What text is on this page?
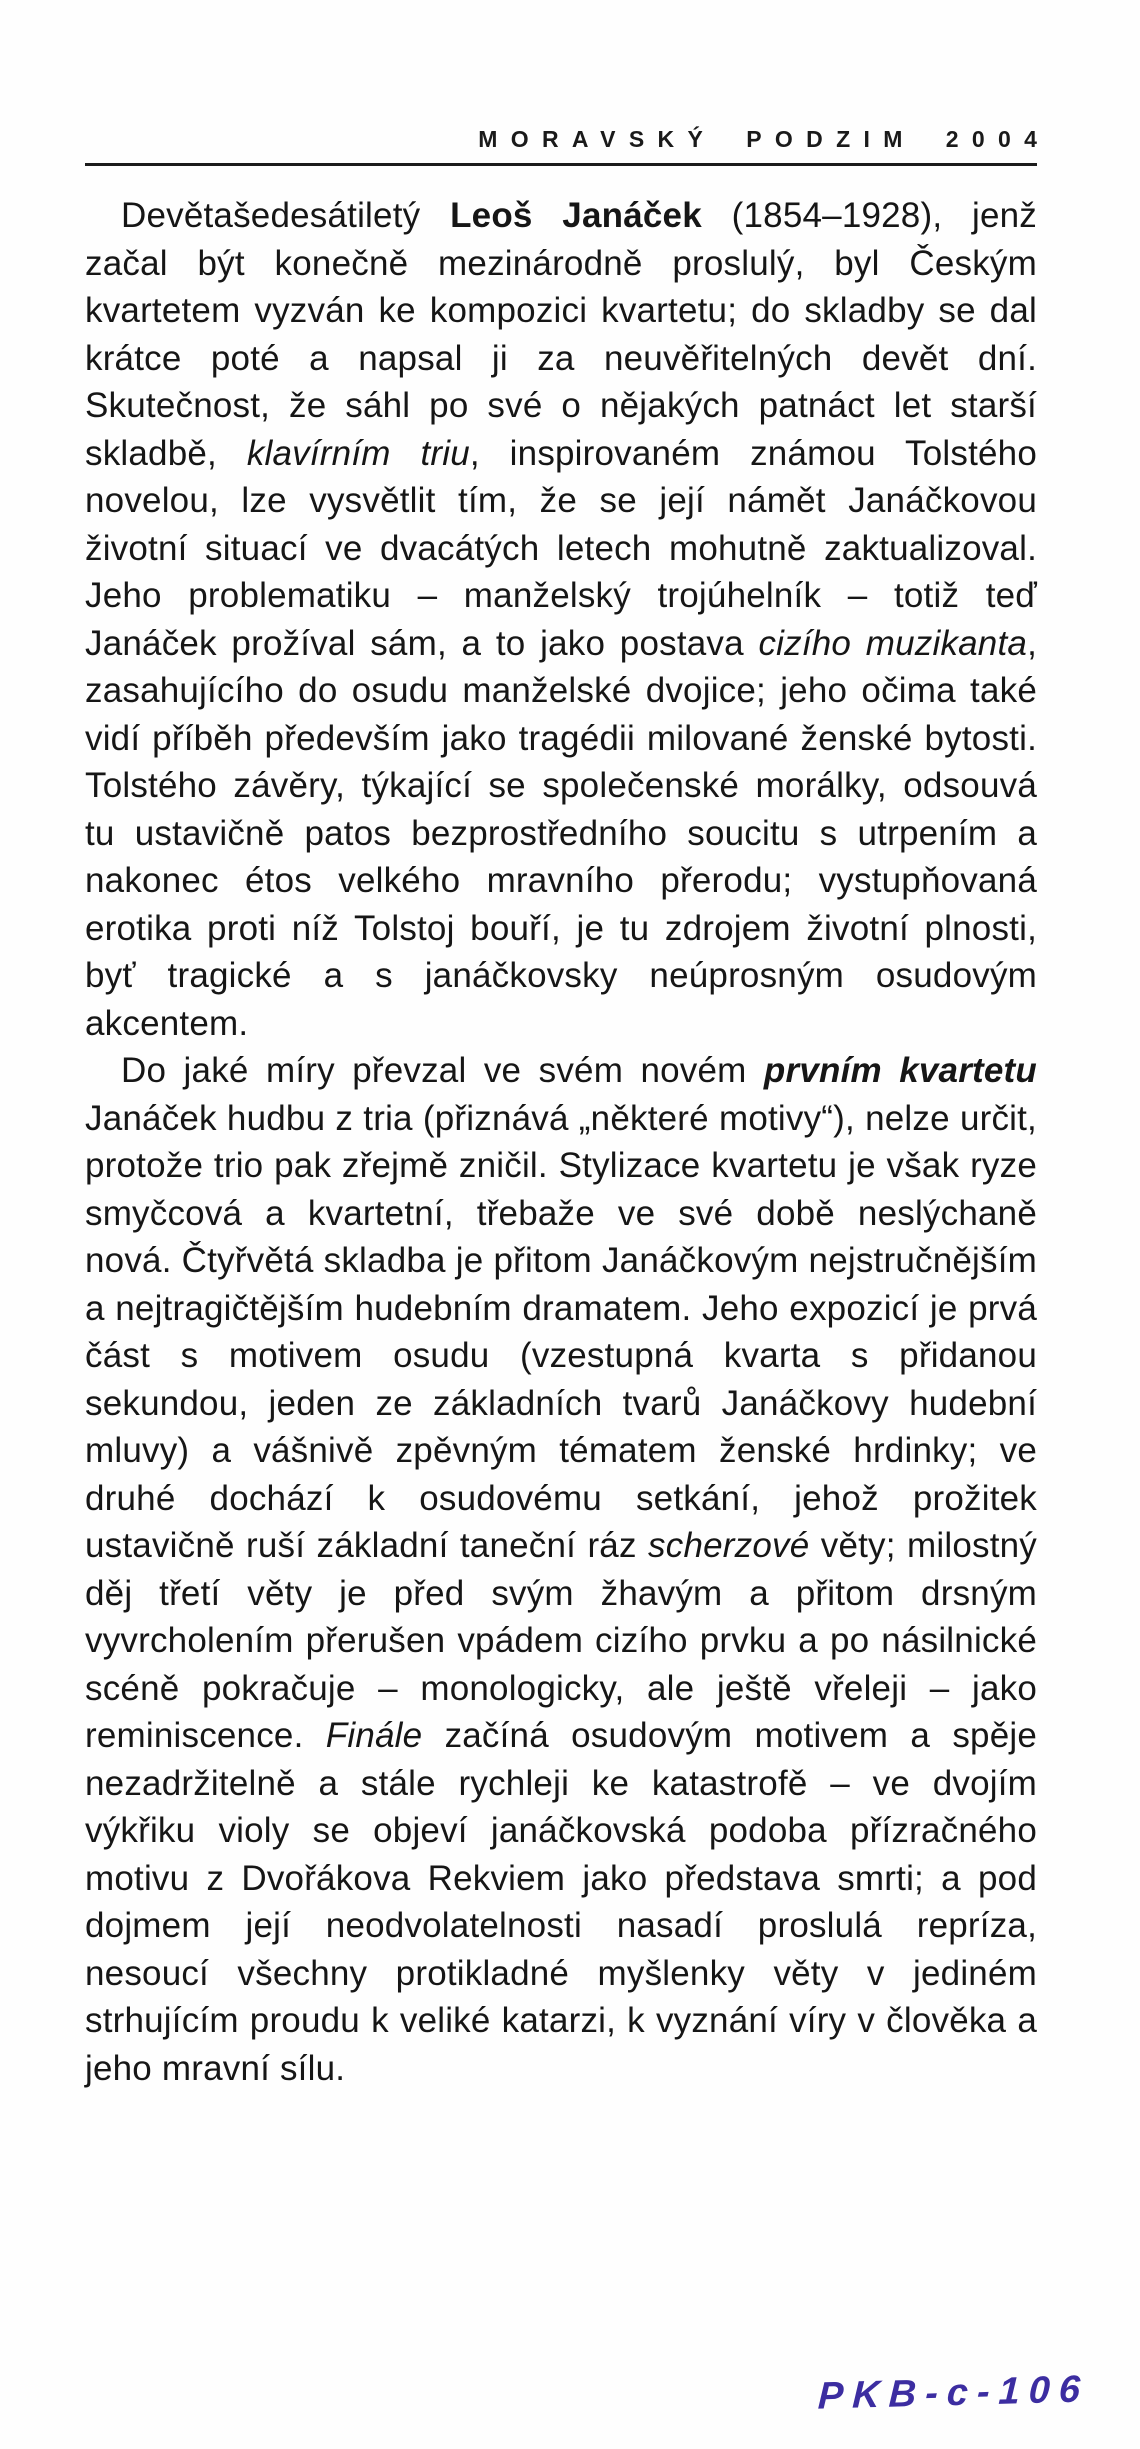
MORAVSKÝ PODZIM 2004

Devětašedesátiletý Leoš Janáček (1854–1928), jenž začal být konečně mezinárodně proslulý, byl Českým kvartetem vyzván ke kompozici kvartetu; do skladby se dal krátce poté a napsal ji za neuvěřitelných devět dní. Skutečnost, že sáhl po své o nějakých patnáct let starší skladbě, klavírním triu, inspirovaném známou Tolstého novelou, lze vysvětlit tím, že se její námět Janáčkovou životní situací ve dvacátých letech mohutně zaktualizoval. Jeho problematiku – manželský trojúhelník – totiž teď Janáček prožíval sám, a to jako postava cizího muzikanta, zasahujícího do osudu manželské dvojice; jeho očima také vidí příběh především jako tragédii milované ženské bytosti. Tolstého závěry, týkající se společenské morálky, odsouvá tu ustavičně patos bezprostředního soucitu s utrpením a nakonec étos velkého mravního přerodu; vystupňovaná erotika proti níž Tolstoj bouří, je tu zdrojem životní plnosti, byť tragické a s janáčkovsky neúprosným osudovým akcentem.

Do jaké míry převzal ve svém novém prvním kvartetu Janáček hudbu z tria (přiznává „některé motivy“), nelze určit, protože trio pak zřejmě zničil. Stylizace kvartetu je však ryze smyčcová a kvartetní, třebaže ve své době neslýchaně nová. Čtyřvětá skladba je přitom Janáčkovým nejstručnějším a nejtragičtějším hudebním dramatem. Jeho expozicí je prvá část s motivem osudu (vzestupná kvarta s přidanou sekundou, jeden ze základních tvarů Janáčkovy hudební mluvy) a vášnivě zpěvným tématem ženské hrdinky; ve druhé dochází k osudovému setkání, jehož prožitek ustavičně ruší základní taneční ráz scherzové věty; milostný děj třetí věty je před svým žhavým a přitom drsným vyvrcholením přerušen vpádem cizího prvku a po násilnické scéně pokračuje – monologicky, ale ještě vřeleji – jako reminiscence. Finále začíná osudovým motivem a spěje nezadržitelně a stále rychleji ke katastrofě – ve dvojím výkřiku violy se objeví janáčkovská podoba přízračného motivu z Dvořákova Rekviem jako představa smrti; a pod dojmem její neodvolatelnosti nasadí proslulá repríza, nesoucí všechny protikladné myšlenky věty v jediném strhujícím proudu k veliké katarzi, k vyznání víry v člověka a jeho mravní sílu.

PKB-c-106
